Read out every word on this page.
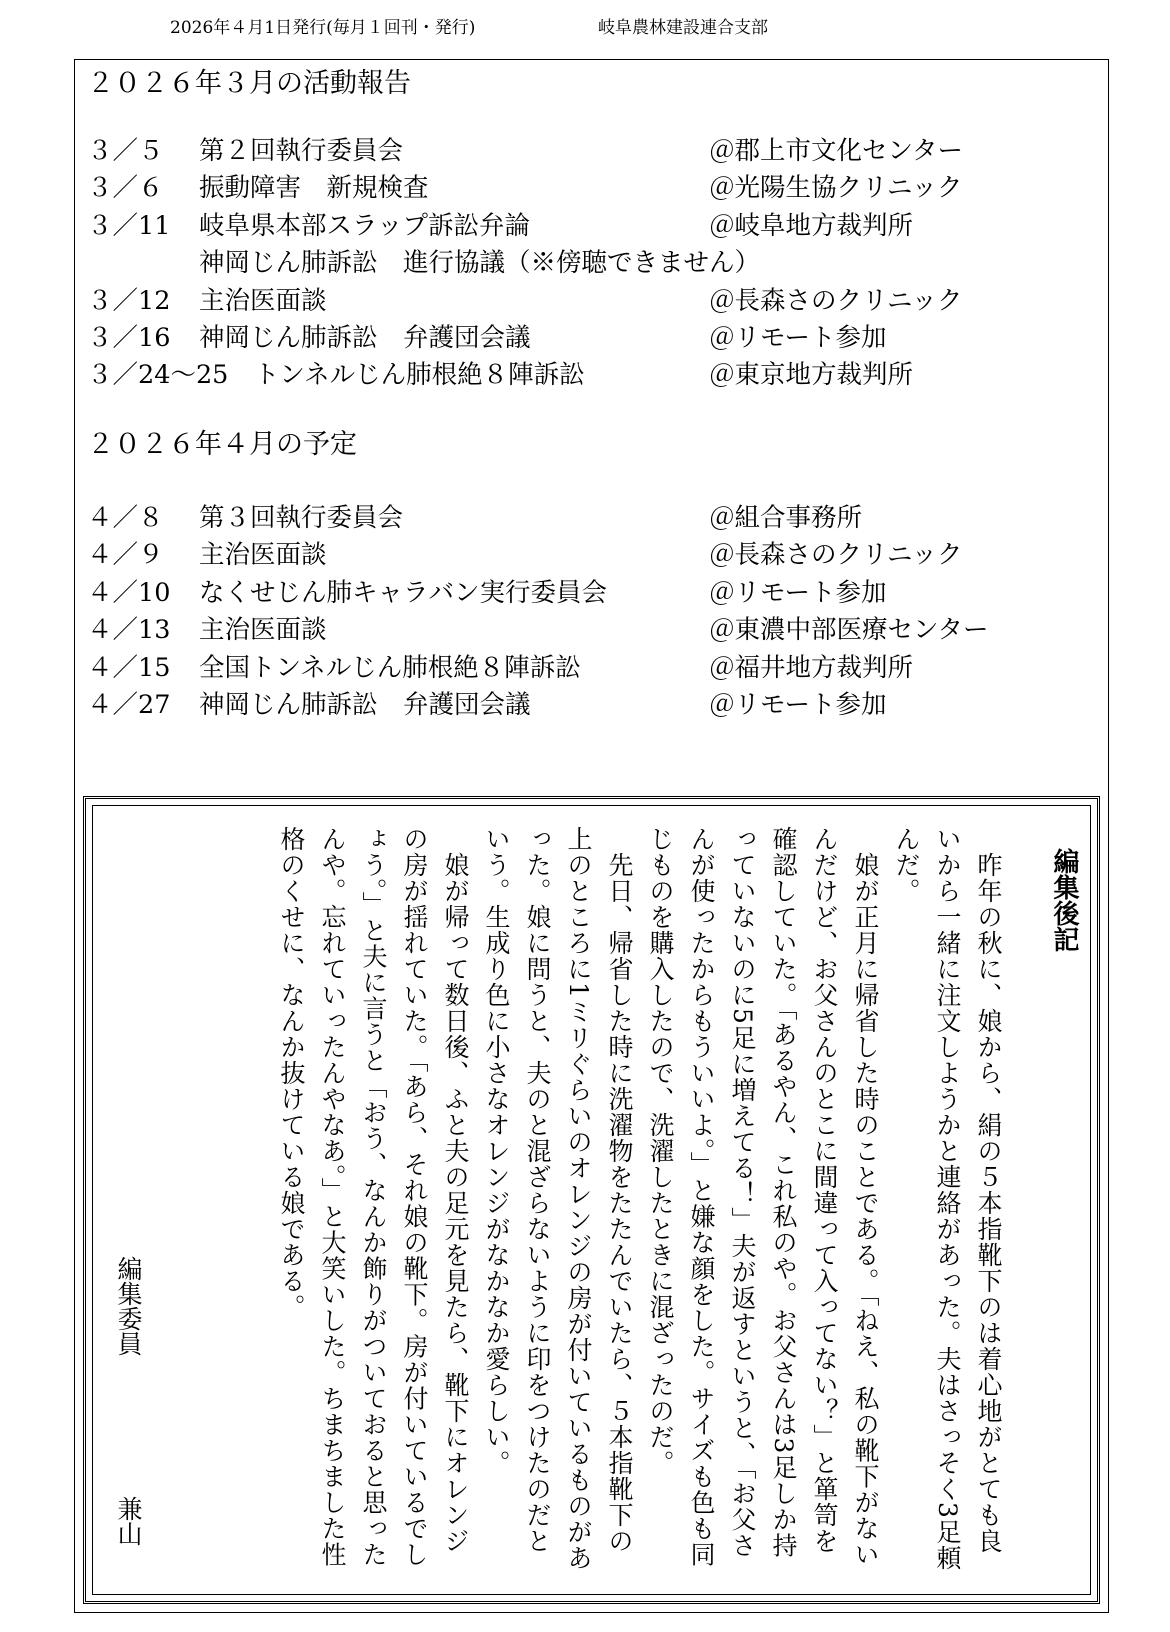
2026年４月1日発行(毎月１回刊・発行)	岐阜農林建設連合支部
２０２６年３月の活動報告
３／５ 第２回執行委員会	＠郡上市文化センター
３／６ 振動障害　新規検査	＠光陽生協クリニック
３／11 岐阜県本部スラップ訴訟弁論	＠岐阜地方裁判所
神岡じん肺訴訟　進行協議（※傍聴できません）
３／12 主治医面談	＠長森さのクリニック
３／16 神岡じん肺訴訟　弁護団会議	＠リモート参加
３／24〜25　トンネルじん肺根絶８陣訴訟	＠東京地方裁判所
２０２６年４月の予定
４／８ 第３回執行委員会	＠組合事務所
４／９ 主治医面談	＠長森さのクリニック
４／10 なくせじん肺キャラバン実行委員会	＠リモート参加
４／13 主治医面談	＠東濃中部医療センター
４／15 全国トンネルじん肺根絶８陣訴訟	＠福井地方裁判所
４／27 神岡じん肺訴訟　弁護団会議	＠リモート参加
編集後記

　昨年の秋に、娘から、絹の５本指靴下のは着心地がとても良いから一緒に注文しようかと連絡があった。夫はさっそく3足頼んだ。

　娘が正月に帰省した時のことである。「ねえ、私の靴下がないんだけど、お父さんのとこに間違って入ってない？」と箪笥を確認していた。「あるやん、これ私のや。お父さんは3足しか持っていないのに5足に増えてる！」夫が返すというと、「お父さんが使ったからもういいよ。」と嫌な顔をした。サイズも色も同じものを購入したので、洗濯したときに混ざったのだ。

　先日、帰省した時に洗濯物をたたんでいたら、５本指靴下の上のところに1ミリぐらいのオレンジの房が付いているものがあった。娘に問うと、夫のと混ざらないように印をつけたのだという。生成り色に小さなオレンジがなかなか愛らしい。

　娘が帰って数日後、ふと夫の足元を見たら、靴下にオレンジの房が揺れていた。「あら、それ娘の靴下。房が付いているでしょう。」と夫に言うと「おう、なんか飾りがついておると思ったんや。忘れていったんやなあ。」と大笑いした。ちまちました性格のくせに、なんか抜けている娘である。

編集委員
兼山
